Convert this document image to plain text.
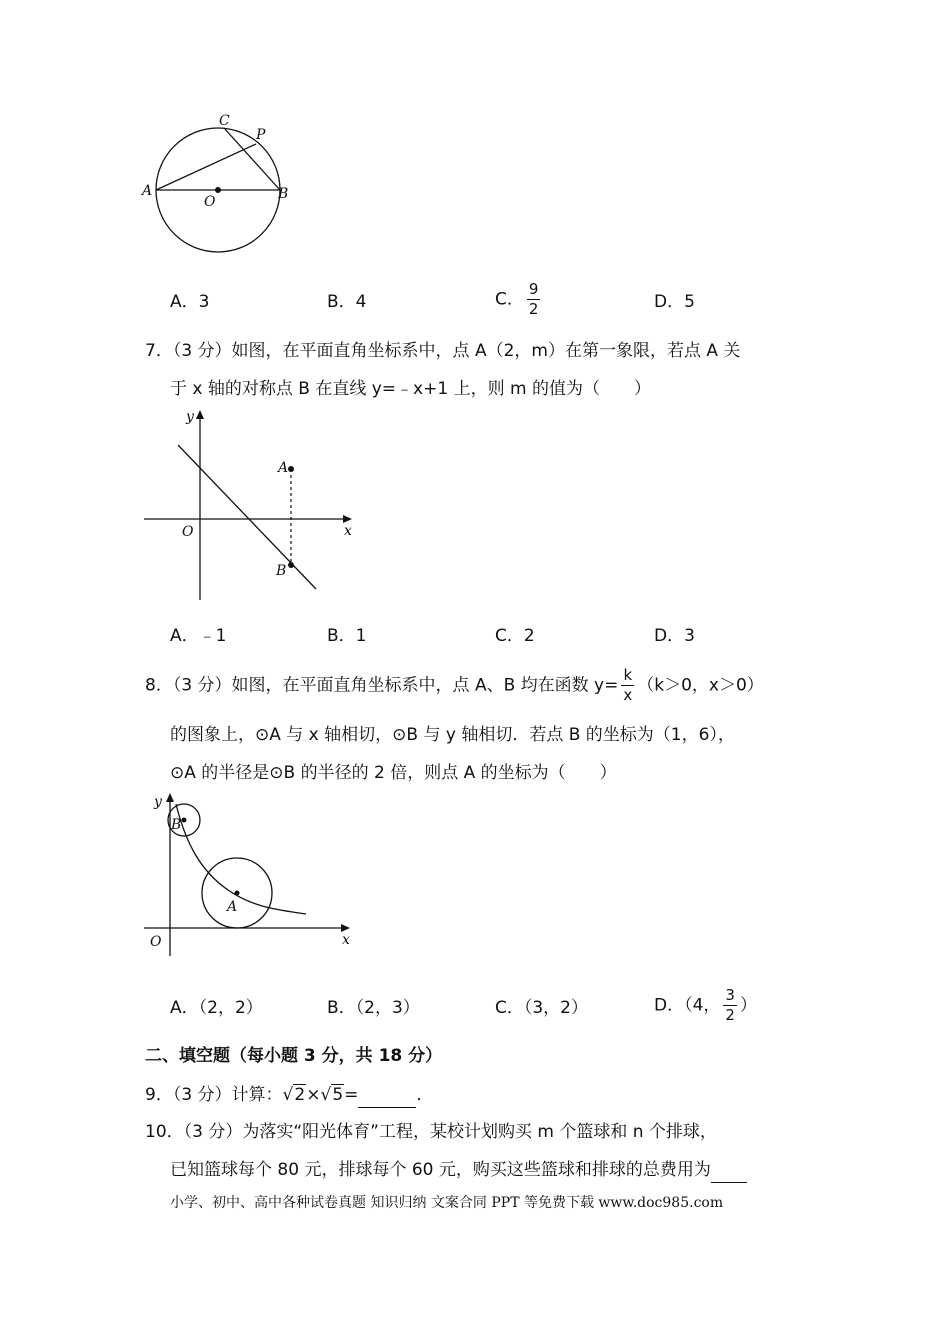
A	B
C
P
O
A．3	B．4	C． $\frac{9}{2}$	D．5
7．（3 分）如图，在平面直角坐标系中，点 A（2，m）在第一象限，若点 A 关
于 x 轴的对称点 B 在直线 y=﹣x+1 上，则 m 的值为（　　）
y
x
O
A
B
A．﹣1	B．1	C．2	D．3
8．（3 分）如图，在平面直角坐标系中，点 A、B 均在函数 $y= \frac{k}{x} (k>0$，x＞0）
的图象上，⊙A 与 x 轴相切，⊙B 与 y 轴相切．若点 B 的坐标为（1，6），
⊙A 的半径是⊙B 的半径的 2 倍，则点 A 的坐标为（　　）
y
x
O
B
A
A．（2，2）	B．（2，3）	C．（3，2）	D．（4， $\frac{3}{2}$ ）
二、填空题（每小题 3 分，共 18 分）
9．（3 分）计算：√2×√5=	．
10．（3 分）为落实“阳光体育”工程，某校计划购买 m 个篮球和 n 个排球，
已知篮球每个 80 元，排球每个 60 元，购买这些篮球和排球的总费用为
小学、初中、高中各种试卷真题 知识归纳 文案合同 PPT 等免费下载 www.doc985.com
